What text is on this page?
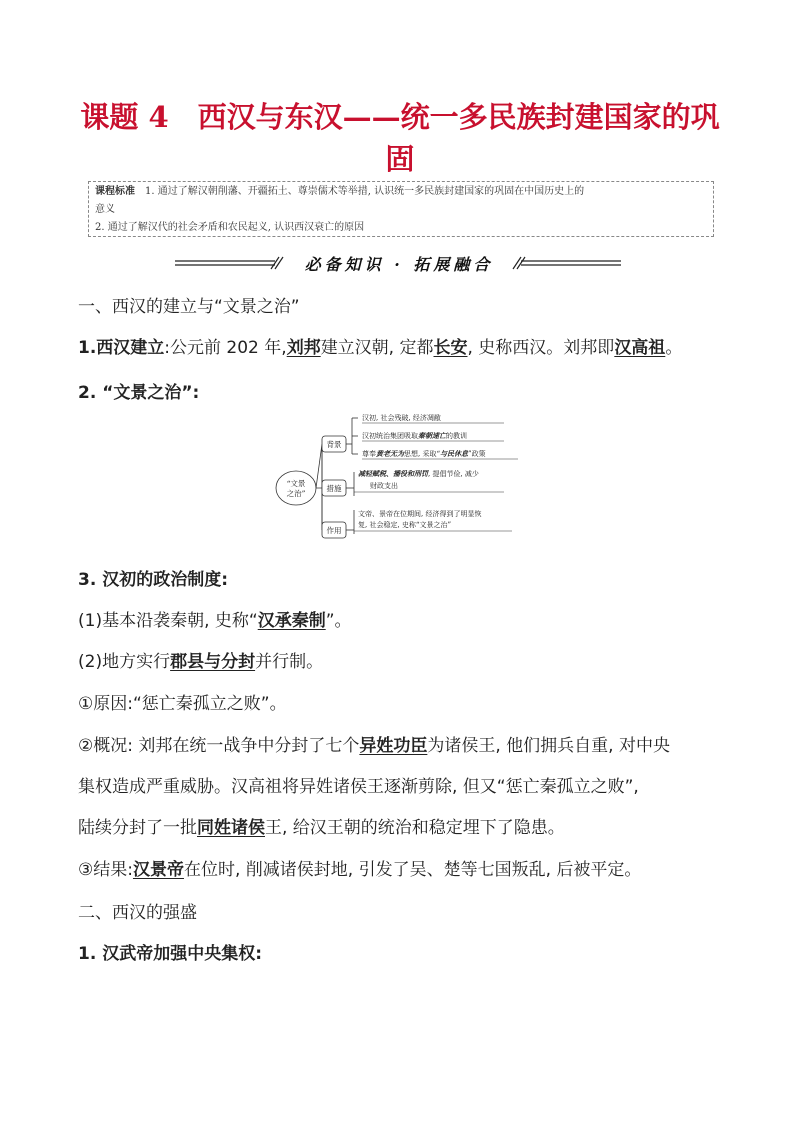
课题 4　西汉与东汉——统一多民族封建国家的巩
固
课程标准 1. 通过了解汉朝削藩、开疆拓土、尊崇儒术等举措, 认识统一多民族封建国家的巩固在中国历史上的
意义
2. 通过了解汉代的社会矛盾和农民起义, 认识西汉衰亡的原因
必备知识 · 拓展融合
一、西汉的建立与“文景之治”
1.西汉建立:公元前 202 年,刘邦建立汉朝, 定都长安, 史称西汉。刘邦即汉高祖。
2. “文景之治”:
“文景
之治”
背景
措施
作用
汉初, 社会残破, 经济凋敝
汉初统治集团吸取秦朝速亡的教训
尊奉黄老无为思想, 采取“与民休息”政策
减轻赋税、播役和刑罚, 提倡节俭, 减少
财政支出
文帝、景帝在位期间, 经济得到了明显恢
复, 社会稳定, 史称“文景之治”
3. 汉初的政治制度:
(1)基本沿袭秦朝, 史称“汉承秦制”。
(2)地方实行郡县与分封并行制。
①原因:“惩亡秦孤立之败”。
②概况: 刘邦在统一战争中分封了七个异姓功臣为诸侯王, 他们拥兵自重, 对中央
集权造成严重威胁。汉高祖将异姓诸侯王逐渐剪除, 但又“惩亡秦孤立之败”,
陆续分封了一批同姓诸侯王, 给汉王朝的统治和稳定埋下了隐患。
③结果:汉景帝在位时, 削减诸侯封地, 引发了吴、楚等七国叛乱, 后被平定。
二、西汉的强盛
1. 汉武帝加强中央集权:
